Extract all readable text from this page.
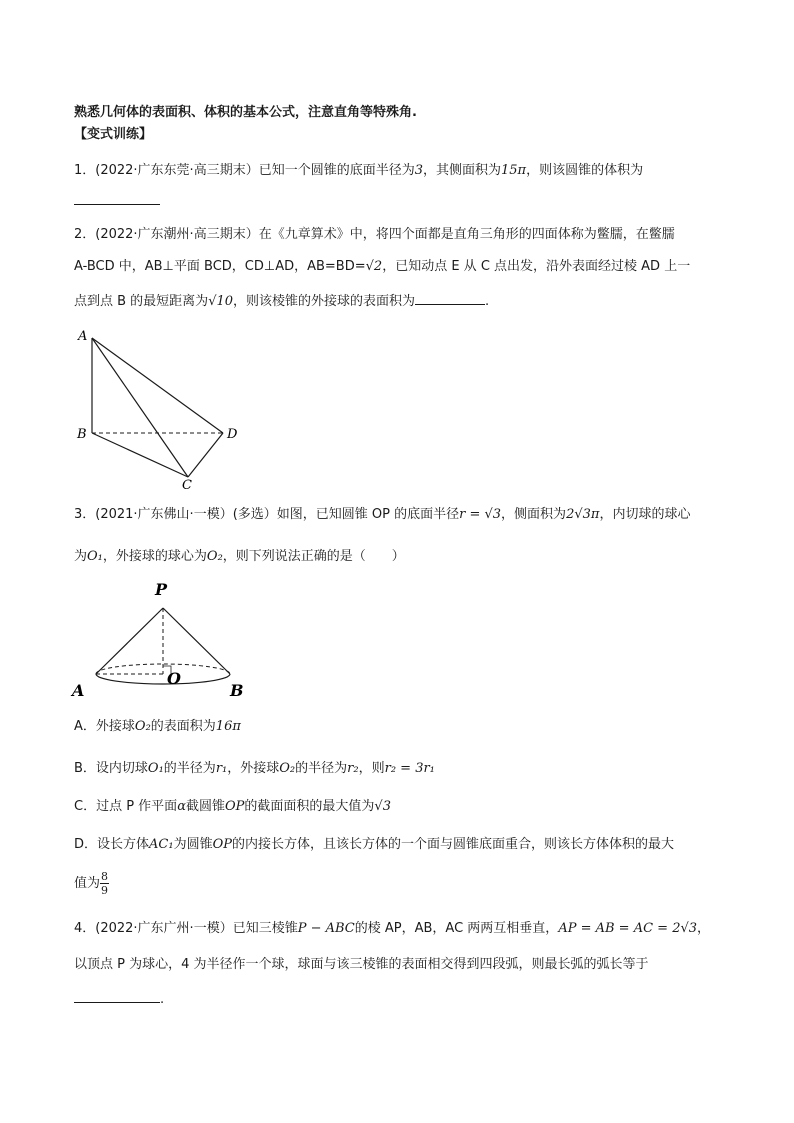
熟悉几何体的表面积、体积的基本公式，注意直角等特殊角.
【变式训练】
1．(2022·广东东莞·高三期末）已知一个圆锥的底面半径为3，其侧面积为15π，则该圆锥的体积为
2．(2022·广东潮州·高三期末）在《九章算术》中，将四个面都是直角三角形的四面体称为鳖臑，在鳖臑
A-BCD 中，AB⊥平面 BCD，CD⊥AD，AB=BD=√2，已知动点 E 从 C 点出发，沿外表面经过棱 AD 上一
点到点 B 的最短距离为√10，则该棱锥的外接球的表面积为	.
A
B
C
D
3．(2021·广东佛山·一模）(多选）如图，已知圆锥 OP 的底面半径r = √3，侧面积为2√3π，内切球的球心
为O₁，外接球的球心为O₂，则下列说法正确的是（　　）
P
O
A	B
A．外接球O₂的表面积为16π
B．设内切球O₁的半径为r₁，外接球O₂的半径为r₂，则r₂ = 3r₁
C．过点 P 作平面α截圆锥OP的截面面积的最大值为√3
D．设长方体AC₁为圆锥OP的内接长方体，且该长方体的一个面与圆锥底面重合，则该长方体体积的最大
值为 $\frac{8}{9}$
4．(2022·广东广州·一模）已知三棱锥P − ABC的棱 AP，AB，AC 两两互相垂直，AP = AB = AC = 2√3，
以顶点 P 为球心，4 为半径作一个球，球面与该三棱锥的表面相交得到四段弧，则最长弧的弧长等于
.
